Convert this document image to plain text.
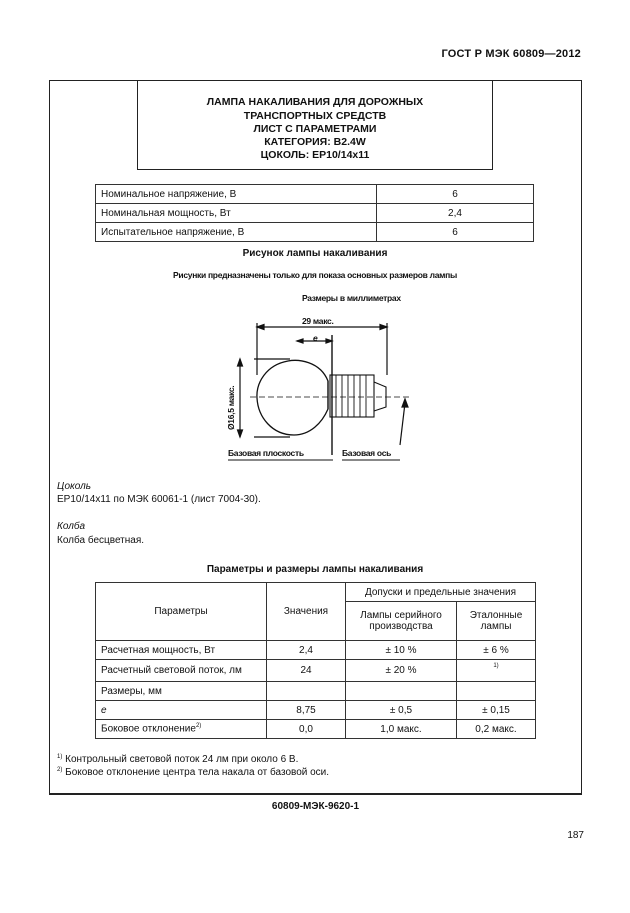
ГОСТ Р МЭК 60809—2012
ЛАМПА НАКАЛИВАНИЯ ДЛЯ ДОРОЖНЫХ
ТРАНСПОРТНЫХ СРЕДСТВ
ЛИСТ С ПАРАМЕТРАМИ
КАТЕГОРИЯ: B2.4W
ЦОКОЛЬ: EP10/14x11
Номинальное напряжение, В	6
Номинальная мощность, Вт	2,4
Испытательное напряжение, В	6
Рисунок лампы накаливания
Рисунки предназначены только для показа основных размеров лампы
Размеры в миллиметрах
29 макс.
e
Ø16,5 макс.
Базовая плоскость	Базовая ось
Цоколь
EP10/14x11 по МЭК 60061-1 (лист 7004-30).
Колба
Колба бесцветная.
Параметры и размеры лампы накаливания
Параметры	Значения	Допуски и предельные значения	
		Лампы серийного производства	Эталонные лампы
Расчетная мощность, Вт	2,4	± 10 %	± 6 %
Расчетный световой поток, лм	24	± 20 %	1)
Размеры, мм			
e	8,75	± 0,5	± 0,15
Боковое отклонение$^{2)}$	0,0	1,0 макс.	0,2 макс.
$^{1)}$ Контрольный световой поток 24 лм при около 6 В.
$^{2)}$ Боковое отклонение центра тела накала от базовой оси.
60809-МЭК-9620-1
187
